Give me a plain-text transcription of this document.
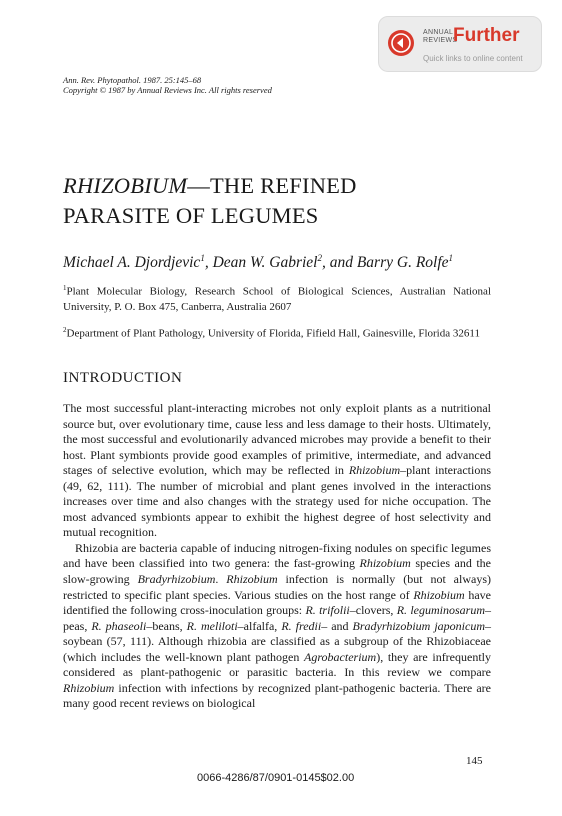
ANNUAL REVIEWS
Further
Quick links to online content
Ann. Rev. Phytopathol. 1987. 25:145–68
Copyright © 1987 by Annual Reviews Inc. All rights reserved
RHIZOBIUM—THE REFINED
PARASITE OF LEGUMES
Michael A. Djordjevic$^1$, Dean W. Gabriel$^2$, and Barry G. Rolfe$^1$
$^1$Plant Molecular Biology, Research School of Biological Sciences, Australian National University, P. O. Box 475, Canberra, Australia 2607
$^2$Department of Plant Pathology, University of Florida, Fifield Hall, Gainesville, Florida 32611
INTRODUCTION

The most successful plant-interacting microbes not only exploit plants as a nutritional source but, over evolutionary time, cause less and less damage to their hosts. Ultimately, the most successful and evolutionarily advanced microbes may provide a benefit to their host. Plant symbionts provide good examples of primitive, intermediate, and advanced stages of selective evolution, which may be reflected in Rhizobium–plant interactions (49, 62, 111). The number of microbial and plant genes involved in the interactions increases over time and also changes with the strategy used for niche occupation. The most advanced symbionts appear to exhibit the highest degree of host selectivity and mutual recognition.

Rhizobia are bacteria capable of inducing nitrogen-fixing nodules on specific legumes and have been classified into two genera: the fast-growing Rhizobium species and the slow-growing Bradyrhizobium. Rhizobium infection is normally (but not always) restricted to specific plant species. Various studies on the host range of Rhizobium have identified the following cross-inoculation groups: R. trifolii–clovers, R. leguminosarum–peas, R. phaseoli–beans, R. meliloti–alfalfa, R. fredii– and Bradyrhizobium japonicum–soybean (57, 111). Although rhizobia are classified as a subgroup of the Rhizobiaceae (which includes the well-known plant pathogen Agrobacterium), they are infrequently considered as plant-pathogenic or parasitic bacteria. In this review we compare Rhizobium infection with infections by recognized plant-pathogenic bacteria. There are many good recent reviews on biological

145
0066-4286/87/0901-0145$02.00
